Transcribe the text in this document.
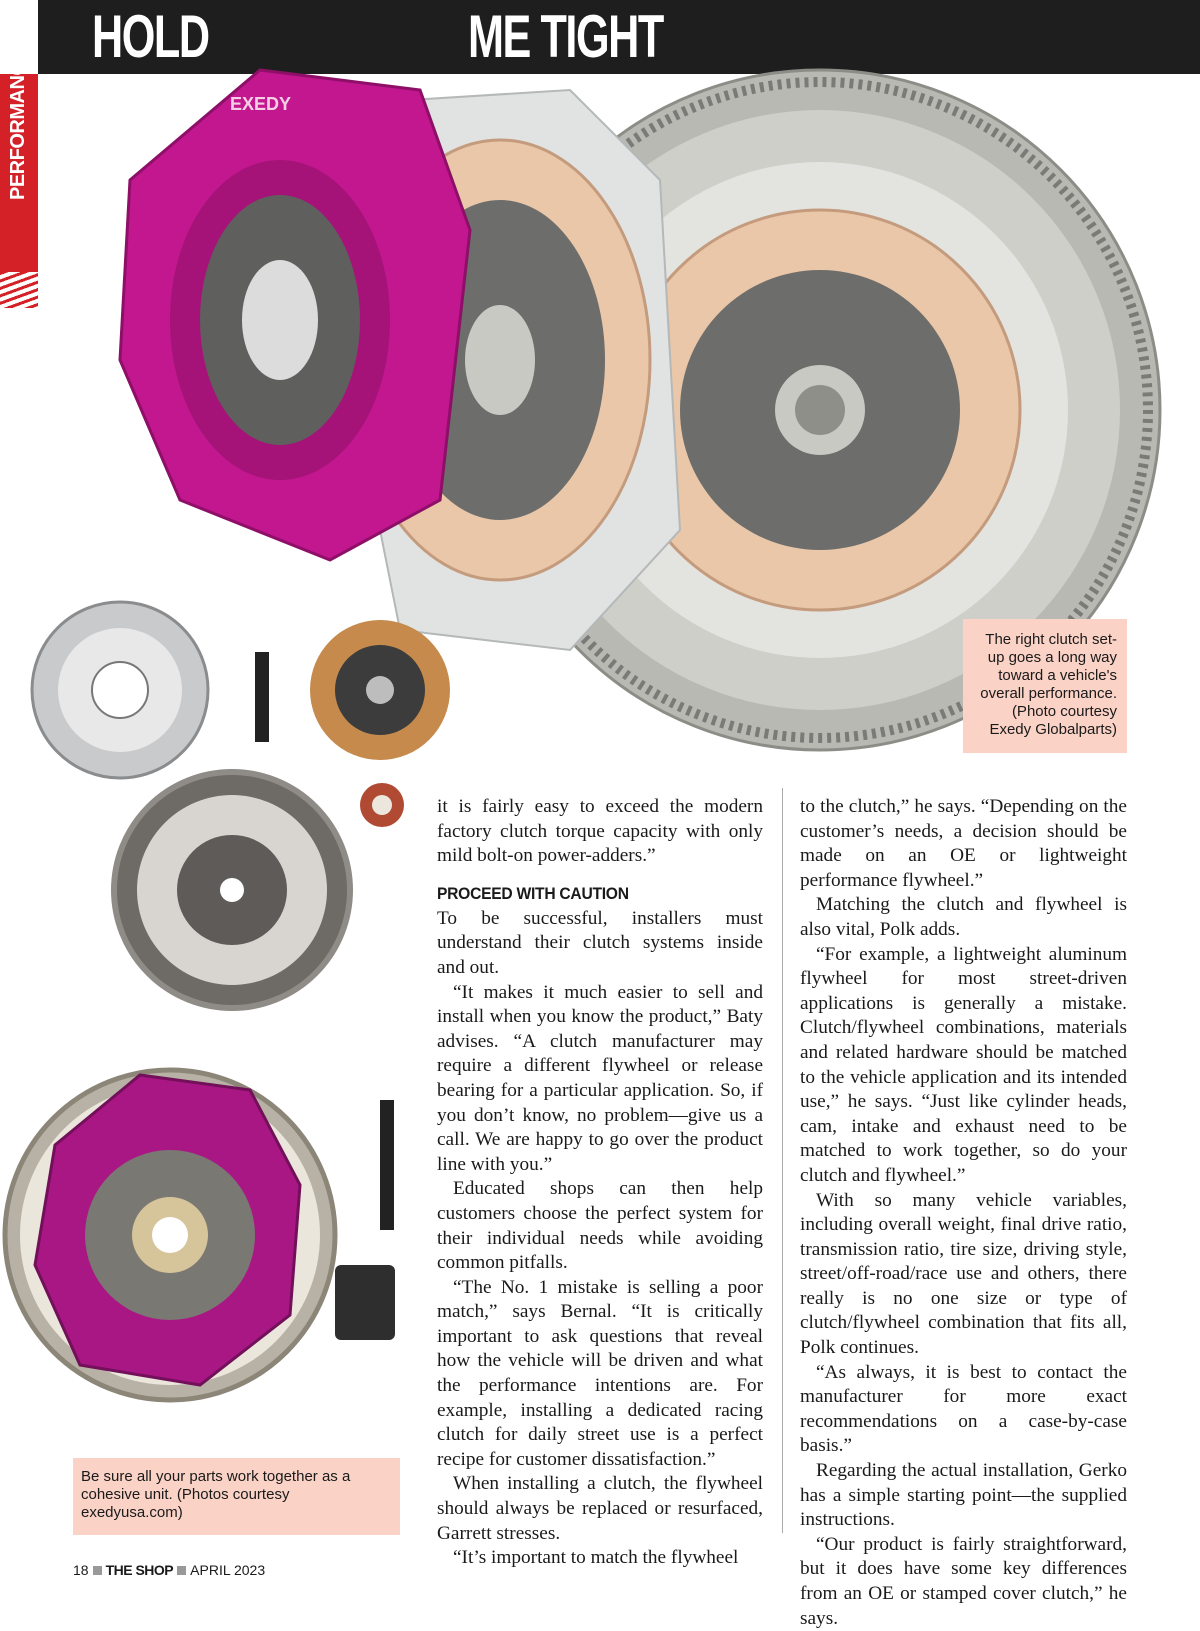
HOLD	ME TIGHT
PERFORMANCE	EXEDY
The right clutch set-up goes a long way toward a vehicle's overall performance. (Photo courtesy Exedy Globalparts)
Be sure all your parts work together as a cohesive unit. (Photos courtesy exedyusa.com)

it is fairly easy to exceed the modern factory clutch torque capacity with only mild bolt-on power-adders.”

PROCEED WITH CAUTION

To be successful, installers must understand their clutch systems inside and out.

“It makes it much easier to sell and install when you know the product,” Baty advises. “A clutch manufacturer may require a different flywheel or release bearing for a particular application. So, if you don’t know, no problem—give us a call. We are happy to go over the product line with you.”

Educated shops can then help customers choose the perfect system for their individual needs while avoiding common pitfalls.

“The No. 1 mistake is selling a poor match,” says Bernal. “It is critically important to ask questions that reveal how the vehicle will be driven and what the performance intentions are. For example, installing a dedicated racing clutch for daily street use is a perfect recipe for customer dissatisfaction.”

When installing a clutch, the flywheel should always be replaced or resurfaced, Garrett stresses.

“It’s important to match the flywheel

to the clutch,” he says. “Depending on the customer’s needs, a decision should be made on an OE or lightweight performance flywheel.”

Matching the clutch and flywheel is also vital, Polk adds.

“For example, a lightweight aluminum flywheel for most street-driven applications is generally a mistake. Clutch/flywheel combinations, materials and related hardware should be matched to the vehicle application and its intended use,” he says. “Just like cylinder heads, cam, intake and exhaust need to be matched to work together, so do your clutch and flywheel.”

With so many vehicle variables, including overall weight, final drive ratio, transmission ratio, tire size, driving style, street/off-road/race use and others, there really is no one size or type of clutch/flywheel combination that fits all, Polk continues.

“As always, it is best to contact the manufacturer for more exact recommendations on a case-by-case basis.”

Regarding the actual installation, Gerko has a simple starting point—the supplied instructions.

“Our product is fairly straightforward, but it does have some key differences from an OE or stamped cover clutch,” he says.

18 THE SHOP APRIL 2023
